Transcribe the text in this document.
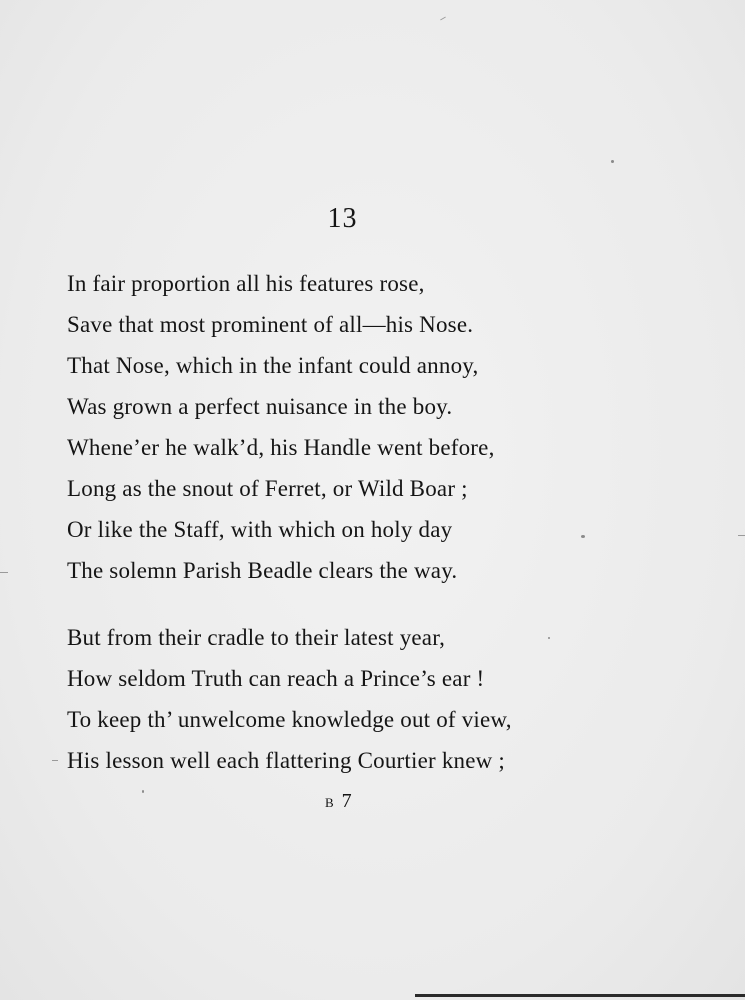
13
In fair proportion all his features rose,
Save that most prominent of all—his Nose.
That Nose, which in the infant could annoy,
Was grown a perfect nuisance in the boy.
Whene’er he walk’d, his Handle went before,
Long as the snout of Ferret, or Wild Boar ;
Or like the Staff, with which on holy day
The solemn Parish Beadle clears the way.
But from their cradle to their latest year,
How seldom Truth can reach a Prince’s ear !
To keep th’ unwelcome knowledge out of view,
His lesson well each flattering Courtier knew ;
B 7
